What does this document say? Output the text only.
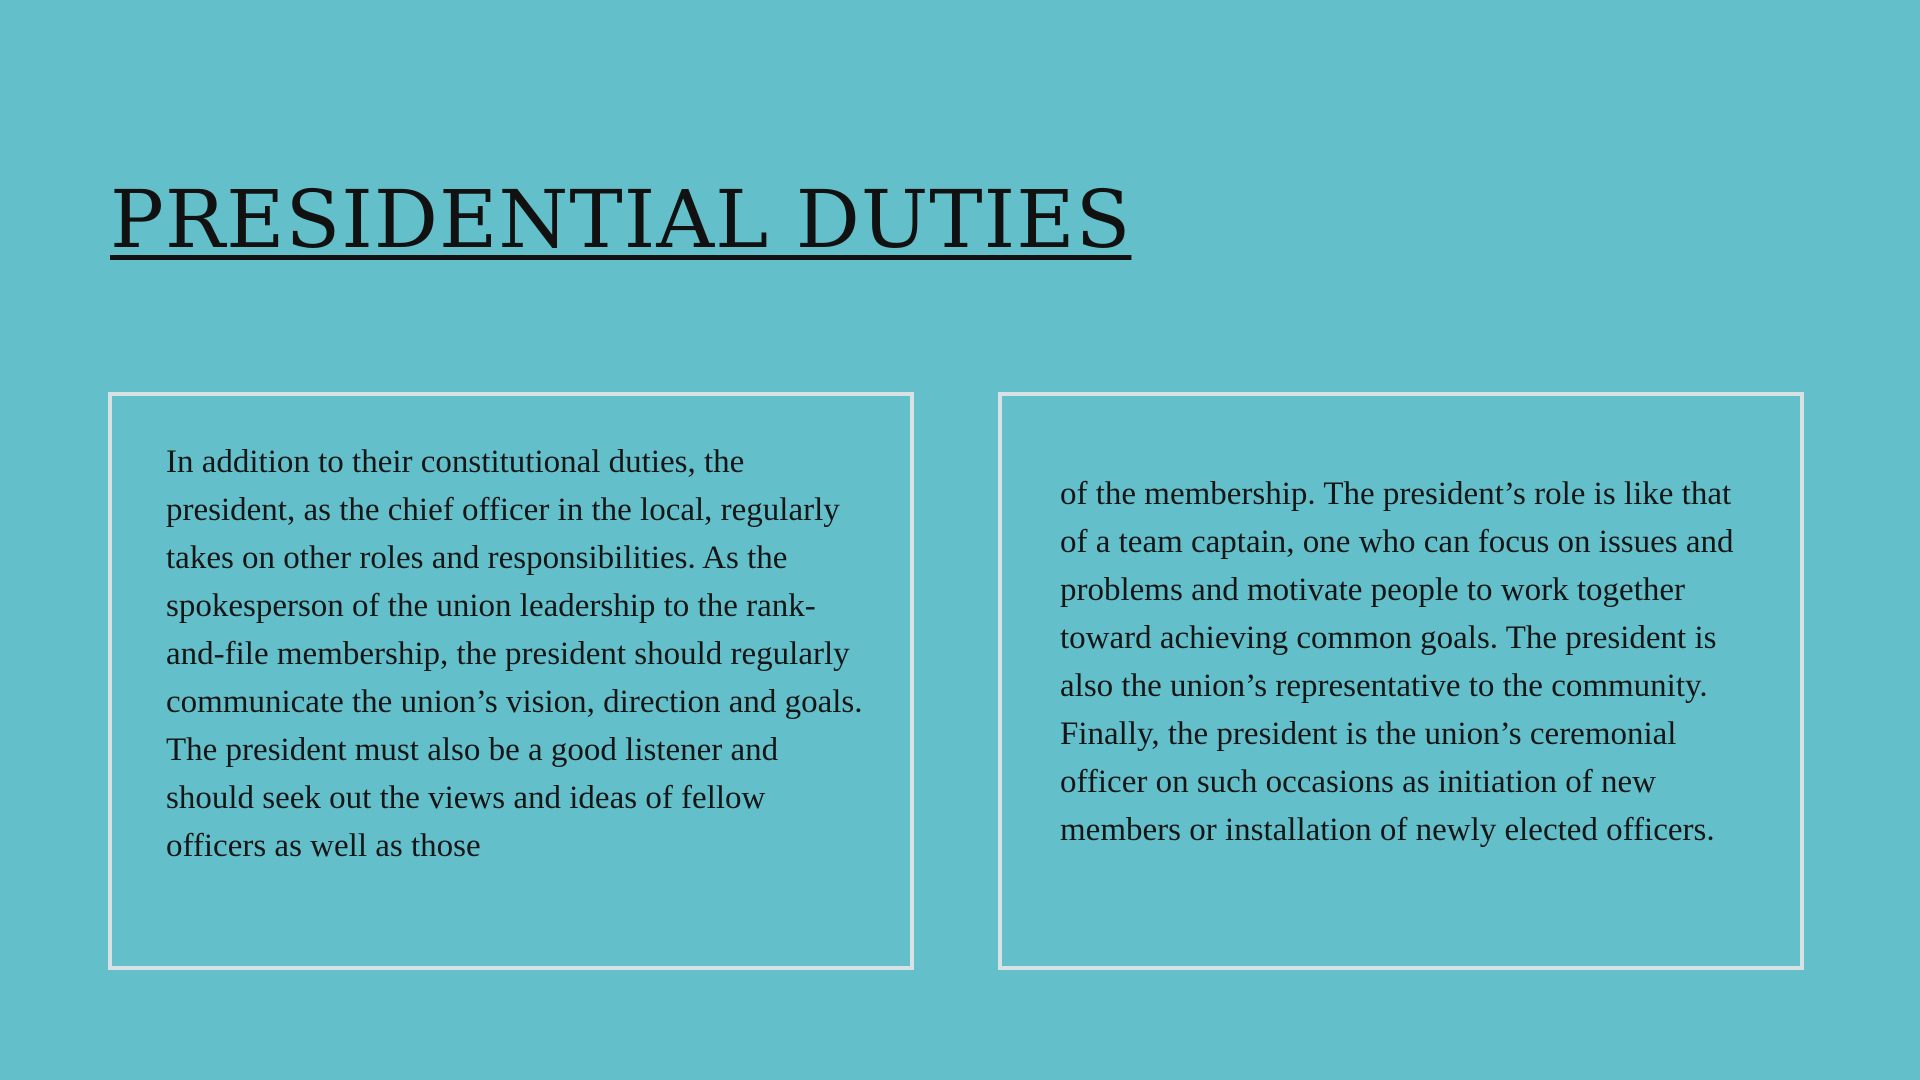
PRESIDENTIAL DUTIES

In addition to their constitutional duties, the president, as the chief officer in the local, regularly takes on other roles and responsibilities. As the spokesperson of the union leadership to the rank-and-file membership, the president should regularly communicate the union’s vision, direction and goals. The president must also be a good listener and should seek out the views and ideas of fellow officers as well as those

of the membership. The president’s role is like that of a team captain, one who can focus on issues and problems and motivate people to work together toward achieving common goals. The president is also the union’s representative to the community. Finally, the president is the union’s ceremonial officer on such occasions as initiation of new members or installation of newly elected officers.
